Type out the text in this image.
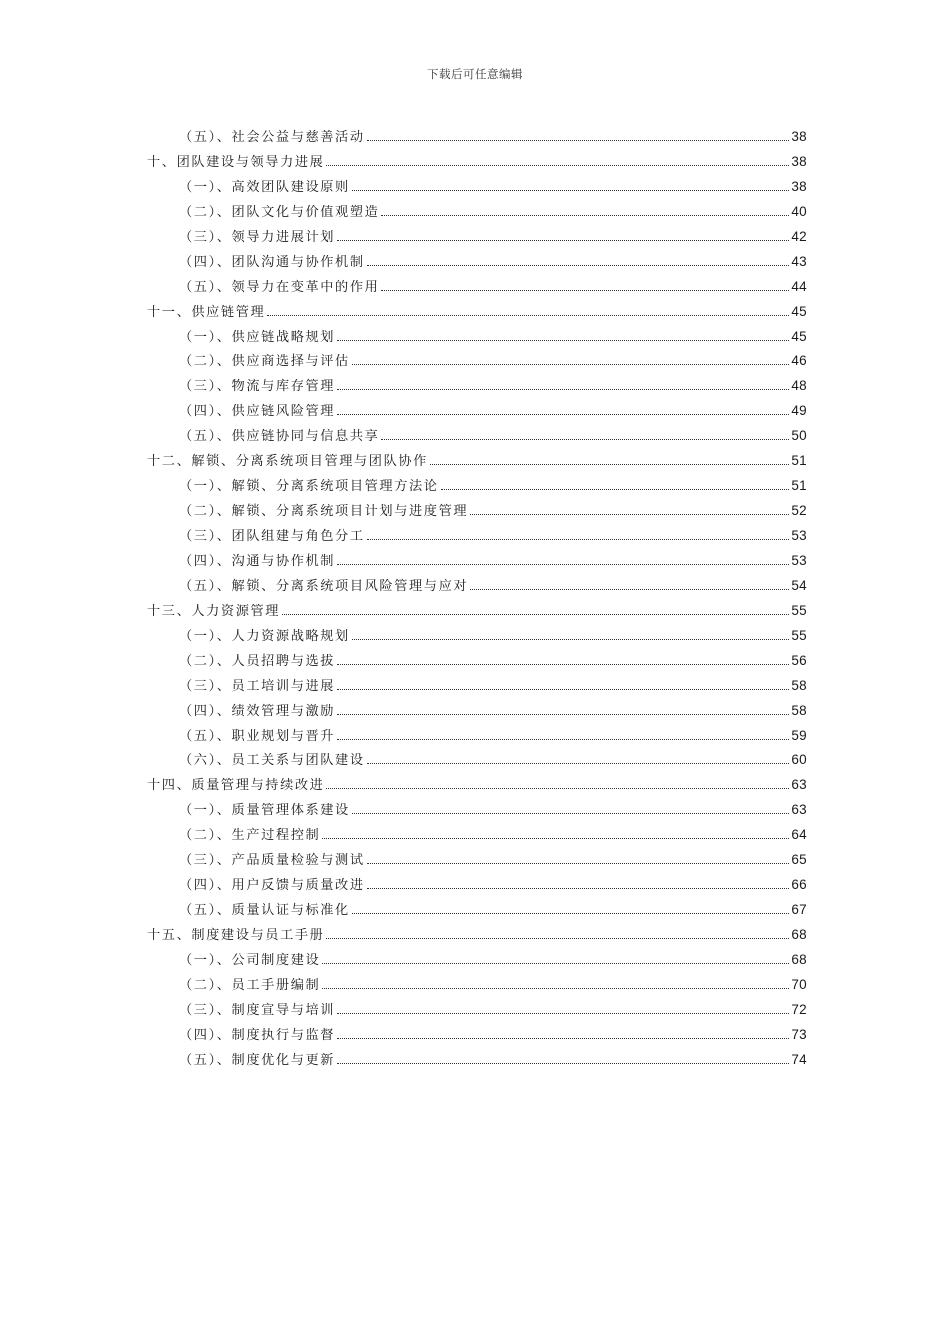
下载后可任意编辑
（五）、社会公益与慈善活动	38
十、团队建设与领导力进展	38
（一）、高效团队建设原则	38
（二）、团队文化与价值观塑造	40
（三）、领导力进展计划	42
（四）、团队沟通与协作机制	43
（五）、领导力在变革中的作用	44
十一、供应链管理	45
（一）、供应链战略规划	45
（二）、供应商选择与评估	46
（三）、物流与库存管理	48
（四）、供应链风险管理	49
（五）、供应链协同与信息共享	50
十二、解锁、分离系统项目管理与团队协作	51
（一）、解锁、分离系统项目管理方法论	51
（二）、解锁、分离系统项目计划与进度管理	52
（三）、团队组建与角色分工	53
（四）、沟通与协作机制	53
（五）、解锁、分离系统项目风险管理与应对	54
十三、人力资源管理	55
（一）、人力资源战略规划	55
（二）、人员招聘与选拔	56
（三）、员工培训与进展	58
（四）、绩效管理与激励	58
（五）、职业规划与晋升	59
（六）、员工关系与团队建设	60
十四、质量管理与持续改进	63
（一）、质量管理体系建设	63
（二）、生产过程控制	64
（三）、产品质量检验与测试	65
（四）、用户反馈与质量改进	66
（五）、质量认证与标准化	67
十五、制度建设与员工手册	68
（一）、公司制度建设	68
（二）、员工手册编制	70
（三）、制度宣导与培训	72
（四）、制度执行与监督	73
（五）、制度优化与更新	74
